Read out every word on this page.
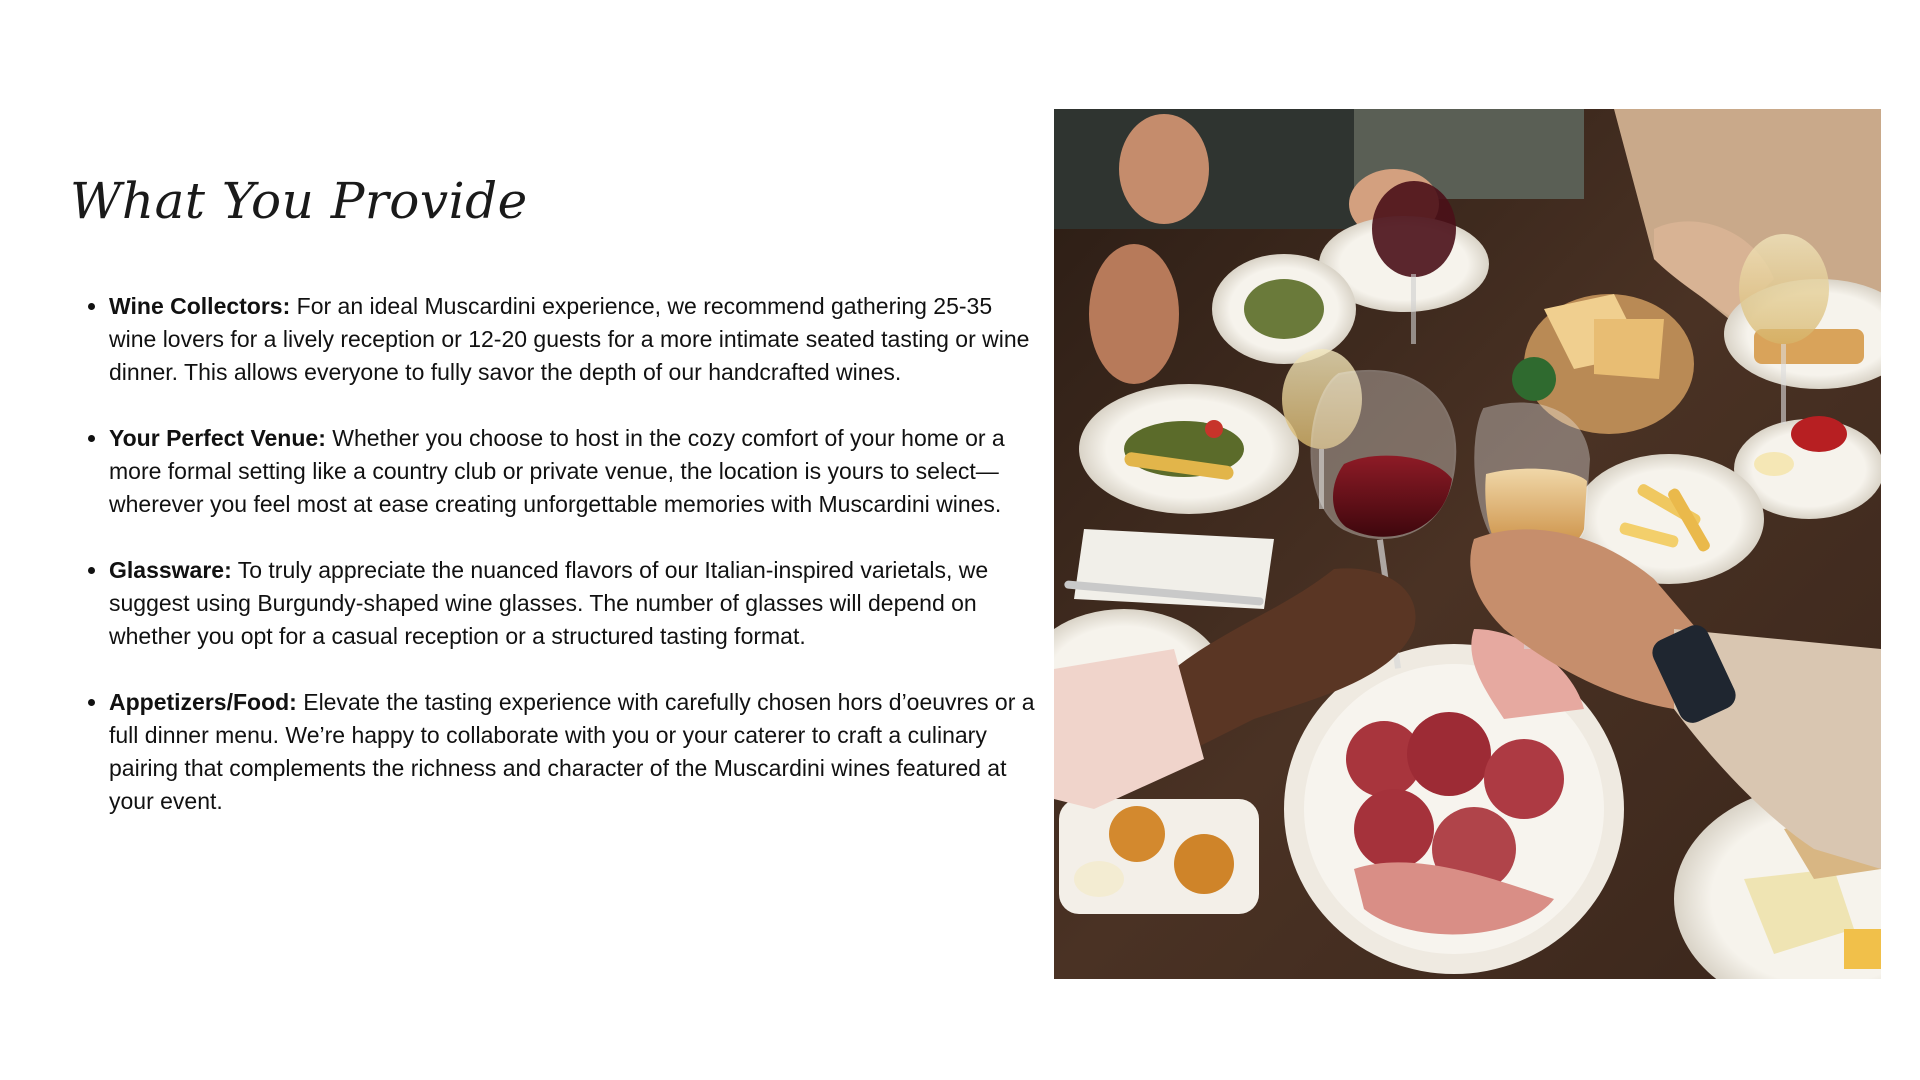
What You Provide
• Wine Collectors: For an ideal Muscardini experience, we recommend gathering 25-35 wine lovers for a lively reception or 12-20 guests for a more intimate seated tasting or wine dinner. This allows everyone to fully savor the depth of our handcrafted wines.
• Your Perfect Venue: Whether you choose to host in the cozy comfort of your home or a more formal setting like a country club or private venue, the location is yours to select—wherever you feel most at ease creating unforgettable memories with Muscardini wines.
• Glassware: To truly appreciate the nuanced flavors of our Italian-inspired varietals, we suggest using Burgundy-shaped wine glasses. The number of glasses will depend on whether you opt for a casual reception or a structured tasting format.
• Appetizers/Food: Elevate the tasting experience with carefully chosen hors d’oeuvres or a full dinner menu. We’re happy to collaborate with you or your caterer to craft a culinary pairing that complements the richness and character of the Muscardini wines featured at your event.
